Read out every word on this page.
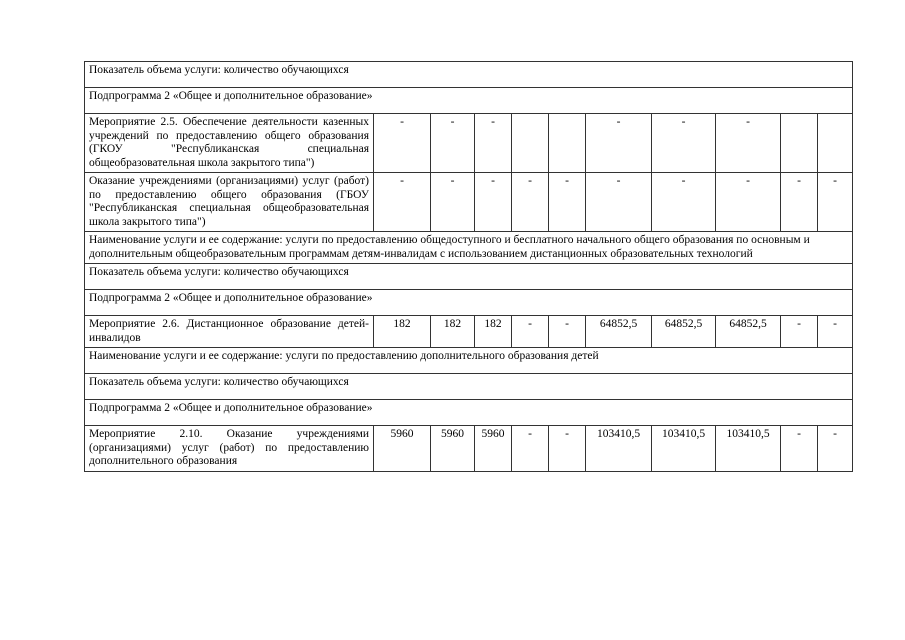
Показатель объема услуги: количество обучающихся										
Подпрограмма 2 «Общее и дополнительное образование»										
Мероприятие 2.5. Обеспечение деятельности казенных учреждений по предоставлению общего образования (ГКОУ "Республиканская специальная общеобразовательная школа закрытого типа")	-	-	-			-	-	-		
Оказание учреждениями (организациями) услуг (работ) по предоставлению общего образования (ГБОУ "Республиканская специальная общеобразовательная школа закрытого типа")	-	-	-	-	-	-	-	-	-	-
Наименование услуги и ее содержание: услуги по предоставлению общедоступного и бесплатного начального общего образования по основным и дополнительным общеобразовательным программам детям-инвалидам с использованием дистанционных образовательных технологий										
Показатель объема услуги: количество обучающихся										
Подпрограмма 2 «Общее и дополнительное образование»										
Мероприятие 2.6. Дистанционное образование детей-инвалидов	182	182	182	-	-	64852,5	64852,5	64852,5	-	-
Наименование услуги и ее содержание: услуги по предоставлению дополнительного образования детей										
Показатель объема услуги: количество обучающихся										
Подпрограмма 2 «Общее и дополнительное образование»										
Мероприятие 2.10. Оказание учреждениями (организациями) услуг (работ) по предоставлению дополнительного образования	5960	5960	5960	-	-	103410,5	103410,5	103410,5	-	-
